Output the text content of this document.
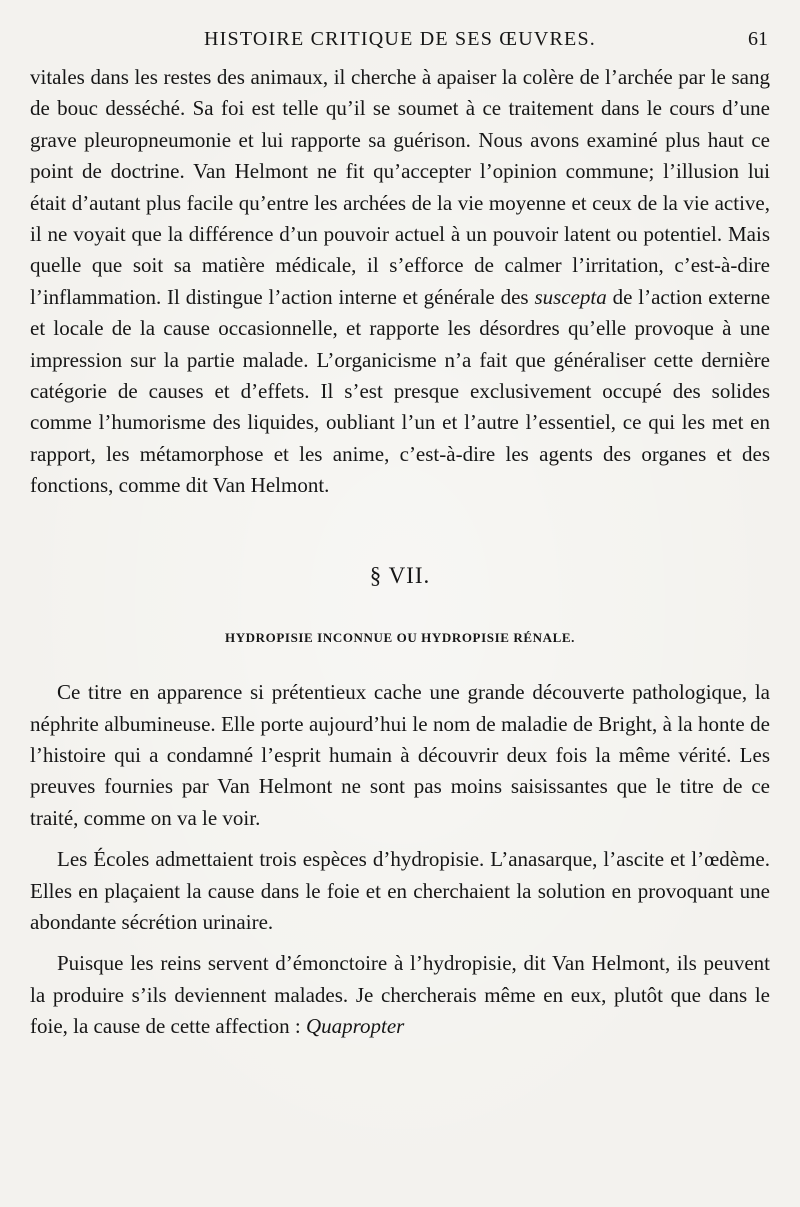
HISTOIRE CRITIQUE DE SES ŒUVRES.	61

vitales dans les restes des animaux, il cherche à apaiser la colère de l’archée par le sang de bouc desséché. Sa foi est telle qu’il se soumet à ce traitement dans le cours d’une grave pleuropneumonie et lui rapporte sa guérison. Nous avons examiné plus haut ce point de doctrine. Van Helmont ne fit qu’accepter l’opinion commune; l’illusion lui était d’autant plus facile qu’entre les archées de la vie moyenne et ceux de la vie active, il ne voyait que la différence d’un pouvoir actuel à un pouvoir latent ou potentiel. Mais quelle que soit sa matière médicale, il s’efforce de calmer l’irritation, c’est-à-dire l’inflammation. Il distingue l’action interne et générale des suscepta de l’action externe et locale de la cause occasionnelle, et rapporte les désordres qu’elle provoque à une impression sur la partie malade. L’organicisme n’a fait que généraliser cette dernière catégorie de causes et d’effets. Il s’est presque exclusivement occupé des solides comme l’humorisme des liquides, oubliant l’un et l’autre l’essentiel, ce qui les met en rapport, les métamorphose et les anime, c’est-à-dire les agents des organes et des fonctions, comme dit Van Helmont.

§ VII.
HYDROPISIE INCONNUE OU HYDROPISIE RÉNALE.

Ce titre en apparence si prétentieux cache une grande découverte pathologique, la néphrite albumineuse. Elle porte aujourd’hui le nom de maladie de Bright, à la honte de l’histoire qui a condamné l’esprit humain à découvrir deux fois la même vérité. Les preuves fournies par Van Helmont ne sont pas moins saisissantes que le titre de ce traité, comme on va le voir.

Les Écoles admettaient trois espèces d’hydropisie. L’anasarque, l’ascite et l’œdème. Elles en plaçaient la cause dans le foie et en cherchaient la solution en provoquant une abondante sécrétion urinaire.

Puisque les reins servent d’émonctoire à l’hydropisie, dit Van Helmont, ils peuvent la produire s’ils deviennent malades. Je chercherais même en eux, plutôt que dans le foie, la cause de cette affection : Quapropter
